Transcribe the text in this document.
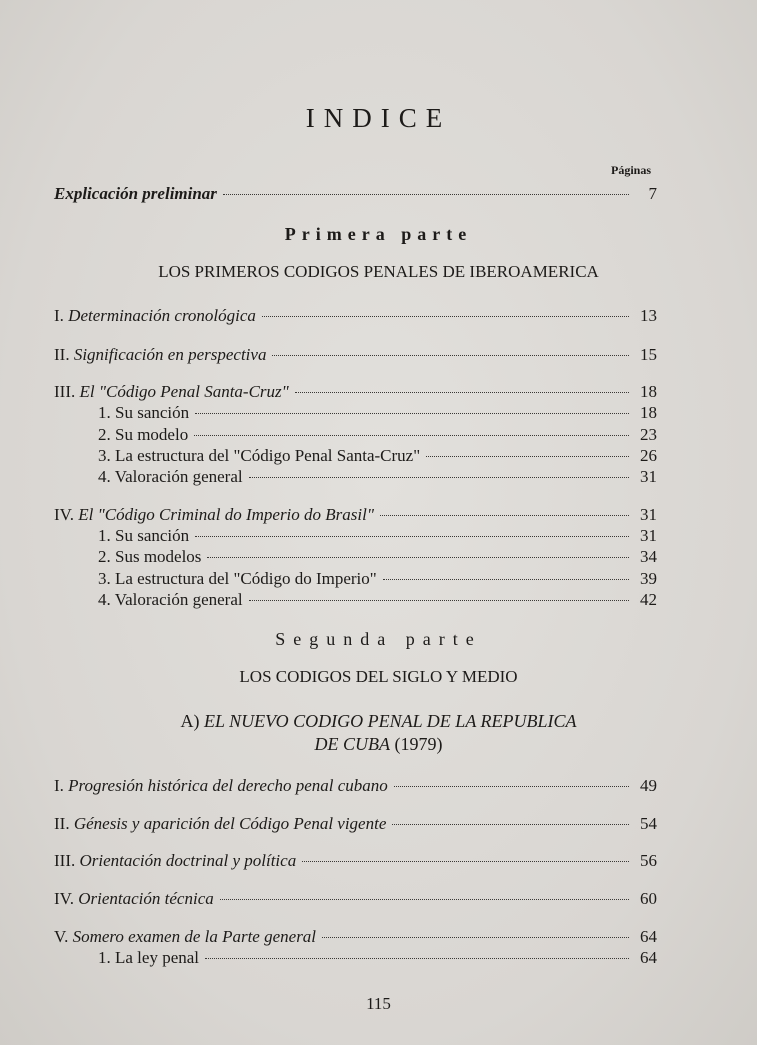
INDICE
Páginas
Explicación preliminar	7
Primera parte
LOS PRIMEROS CODIGOS PENALES DE IBEROAMERICA
I. Determinación cronológica	13
II. Significación en perspectiva	15
III. El "Código Penal Santa-Cruz"	18
1. Su sanción	18
2. Su modelo	23
3. La estructura del "Código Penal Santa-Cruz"	26
4. Valoración general	31
IV. El "Código Criminal do Imperio do Brasil"	31
1. Su sanción	31
2. Sus modelos	34
3. La estructura del "Código do Imperio"	39
4. Valoración general	42
Segunda parte
LOS CODIGOS DEL SIGLO Y MEDIO
A) EL NUEVO CODIGO PENAL DE LA REPUBLICA
DE CUBA (1979)
I. Progresión histórica del derecho penal cubano	49
II. Génesis y aparición del Código Penal vigente	54
III. Orientación doctrinal y política	56
IV. Orientación técnica	60
V. Somero examen de la Parte general	64
1. La ley penal	64
115
